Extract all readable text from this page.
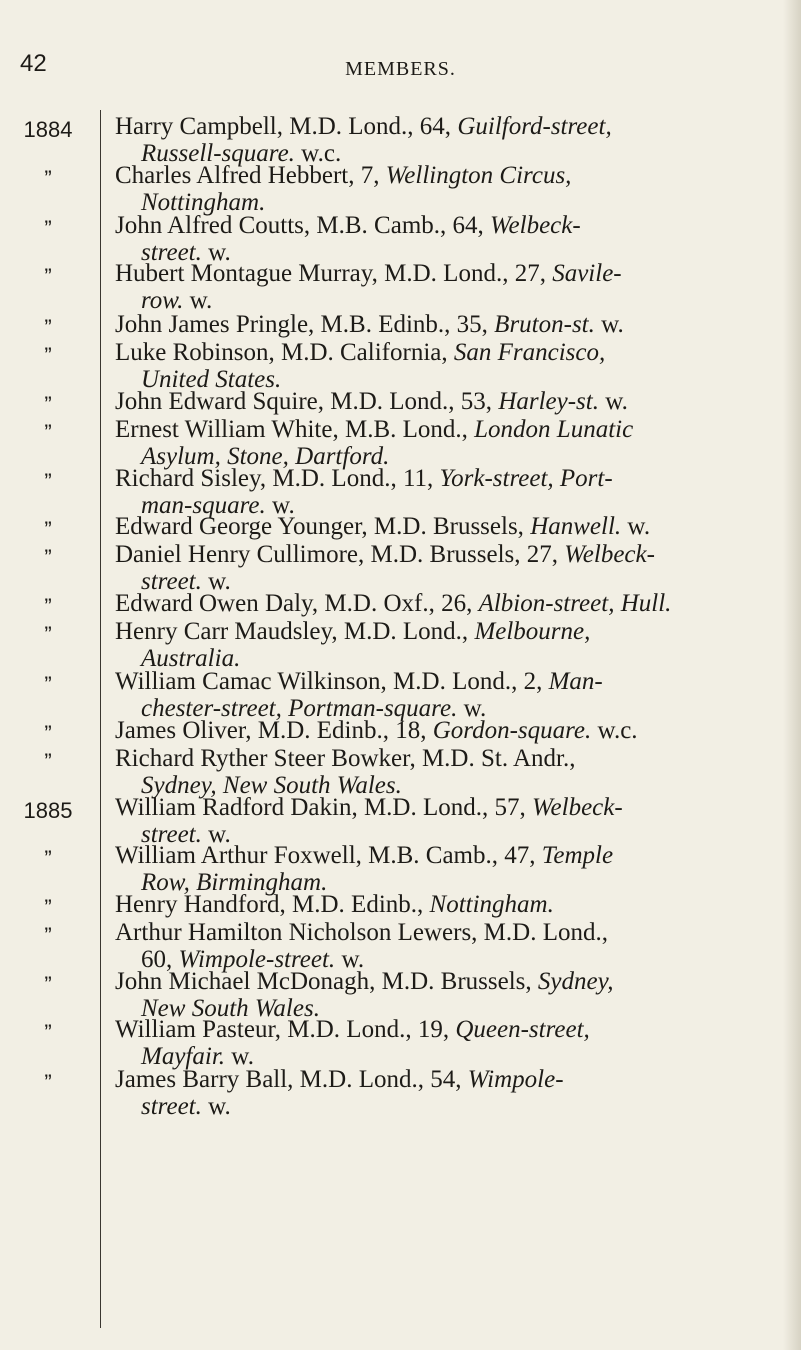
42	MEMBERS.
1884	Harry Campbell, M.D. Lond., 64, Guilford-street,
Russell-square. w.c.
”	Charles Alfred Hebbert, 7, Wellington Circus,
Nottingham.
”	John Alfred Coutts, M.B. Camb., 64, Welbeck-
street. w.
”	Hubert Montague Murray, M.D. Lond., 27, Savile-
row. w.
”	John James Pringle, M.B. Edinb., 35, Bruton-st. w.
”	Luke Robinson, M.D. California, San Francisco,
United States.
”	John Edward Squire, M.D. Lond., 53, Harley-st. w.
”	Ernest William White, M.B. Lond., London Lunatic
Asylum, Stone, Dartford.
”	Richard Sisley, M.D. Lond., 11, York-street, Port-
man-square. w.
”	Edward George Younger, M.D. Brussels, Hanwell. w.
”	Daniel Henry Cullimore, M.D. Brussels, 27, Welbeck-
street. w.
”	Edward Owen Daly, M.D. Oxf., 26, Albion-street, Hull.
”	Henry Carr Maudsley, M.D. Lond., Melbourne,
Australia.
”	William Camac Wilkinson, M.D. Lond., 2, Man-
chester-street, Portman-square. w.
”	James Oliver, M.D. Edinb., 18, Gordon-square. w.c.
”	Richard Ryther Steer Bowker, M.D. St. Andr.,
Sydney, New South Wales.
1885	William Radford Dakin, M.D. Lond., 57, Welbeck-
street. w.
”	William Arthur Foxwell, M.B. Camb., 47, Temple
Row, Birmingham.
”	Henry Handford, M.D. Edinb., Nottingham.
”	Arthur Hamilton Nicholson Lewers, M.D. Lond.,
60, Wimpole-street. w.
”	John Michael McDonagh, M.D. Brussels, Sydney,
New South Wales.
”	William Pasteur, M.D. Lond., 19, Queen-street,
Mayfair. w.
”	James Barry Ball, M.D. Lond., 54, Wimpole-
street. w.
